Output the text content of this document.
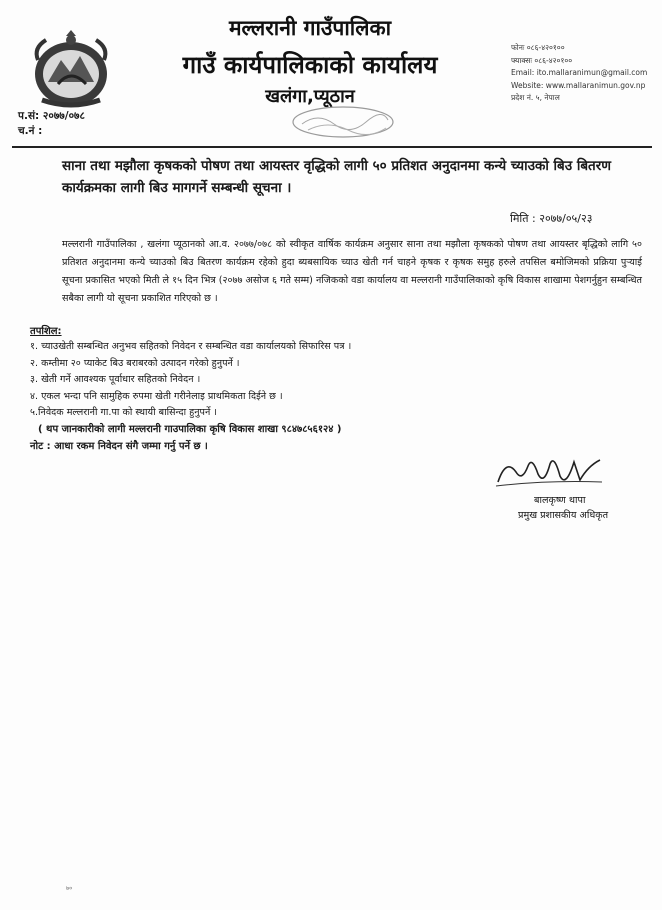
मल्लरानी गाउँपालिका
गाउँ कार्यपालिकाको कार्यालय
खलंगा,प्यूठान
फोनः ०८६-४२०१००
फ्याक्सः ०८६-४२०१००
Email: ito.mallaranimun@gmail.com
Website: www.mallaranimun.gov.np
प्रदेश नं. ५, नेपाल
प.सं: २०७७/०७८
च.नं :
साना तथा मझौला कृषकको पोषण तथा आयस्तर वृद्धिको लागी ५० प्रतिशत अनुदानमा कन्ये च्याउको बिउ बितरण कार्यक्रमका लागी बिउ मागगर्ने सम्बन्धी सूचना ।
मिति : २०७७/०५/२३
मल्लरानी गाउँपालिका , खलंगा प्यूठानको आ.व. २०७७/०७८ को स्वीकृत वार्षिक कार्यक्रम अनुसार साना तथा मझौला कृषकको पोषण तथा आयस्तर बृद्धिको लागि ५० प्रतिशत अनुदानमा कन्ये च्याउको बिउ बितरण कार्यक्रम रहेको हुदा ब्यबसायिक च्याउ खेती गर्न चाहने कृषक र कृषक समुह हरुले तपसिल बमोजिमको प्रक्रिया पुऱ्याई सूचना प्रकासित भएको मिती ले १५ दिन भित्र (२०७७ असोज ६ गते सम्म) नजिकको वडा कार्यालय वा मल्लरानी गाउँपालिकाको कृषि विकास शाखामा पेशगर्नुहुन सम्बन्धित सबैका लागी यो सूचना प्रकाशित गरिएको छ ।
तपशिल:
१. च्याउखेती सम्बन्धित अनुभव सहितको निवेदन र सम्बन्धित वडा कार्यालयको सिफारिस पत्र ।
२. कम्तीमा २० प्याकेट बिउ बराबरको उत्पादन गरेको हुनुपर्ने ।
३. खेती गर्ने आवश्यक पूर्वाधार सहितको निवेदन ।
४. एकल भन्दा पनि सामुहिक रुपमा खेती गरीनेलाइ प्राथमिकता दिईने छ ।
५.निवेदक मल्लरानी गा.पा को स्थायी बासिन्दा हुनुपर्ने ।
( थप जानकारीको लागी मल्लरानी गाउपालिका कृषि विकास शाखा ९८४७८५६१२४ )
नोट : आधा रकम निवेदन संगै जम्मा गर्नु पर्ने छ ।
बालकृष्ण थापा
प्रमुख प्रशासकीय अधिकृत
७०
